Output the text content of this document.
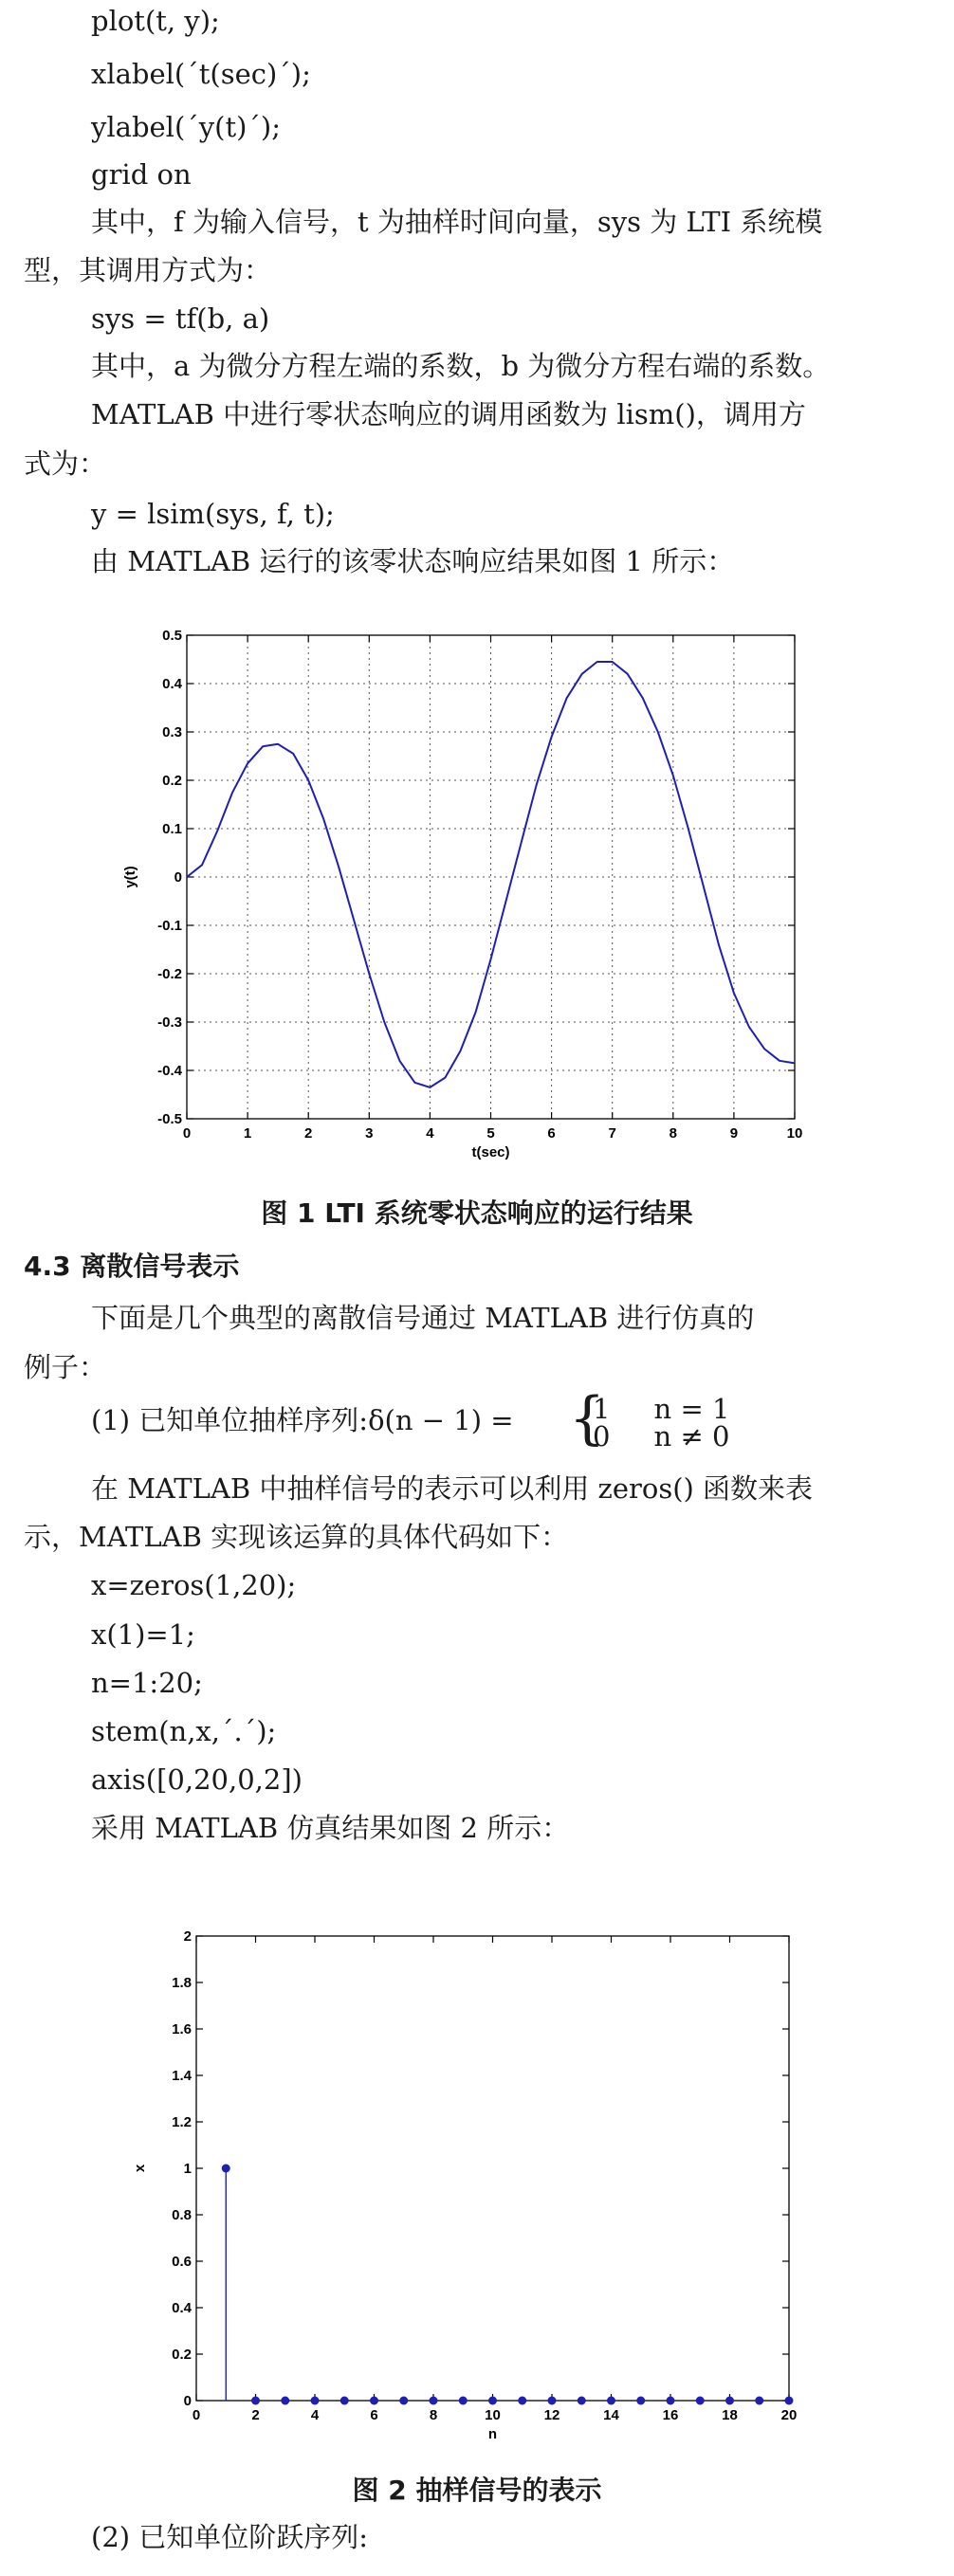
plot(t, y);
xlabel(´t(sec)´);
ylabel(´y(t)´);
grid on
其中，f 为输入信号，t 为抽样时间向量，sys 为 LTI 系统模
型，其调用方式为：
sys = tf(b, a)
其中，a 为微分方程左端的系数，b 为微分方程右端的系数。
MATLAB 中进行零状态响应的调用函数为 lism()，调用方
式为：
y = lsim(sys, f, t);
由 MATLAB 运行的该零状态响应结果如图 1 所示：
0	1	2	3	4	5	6	7	8	9	10
0.5
0.4
0.3
0.2
0.1
0
-0.1
-0.2
-0.3
-0.4
-0.5
t(sec)
y(t)
图 1 LTI 系统零状态响应的运行结果
4.3 离散信号表示
下面是几个典型的离散信号通过 MATLAB 进行仿真的
例子：
(1) 已知单位抽样序列:δ(n − 1) = {
1     n = 1
0     n ≠ 0
在 MATLAB 中抽样信号的表示可以利用 zeros() 函数来表
示，MATLAB 实现该运算的具体代码如下：
x=zeros(1,20);
x(1)=1;
n=1:20;
stem(n,x,´.´);
axis([0,20,0,2])
采用 MATLAB 仿真结果如图 2 所示：
0	2	4	6	8	10	12	14	16	18	20
2
1.8
1.6
1.4
1.2
1
0.8
0.6
0.4
0.2
0
n
x
图 2 抽样信号的表示
(2) 已知单位阶跃序列:
